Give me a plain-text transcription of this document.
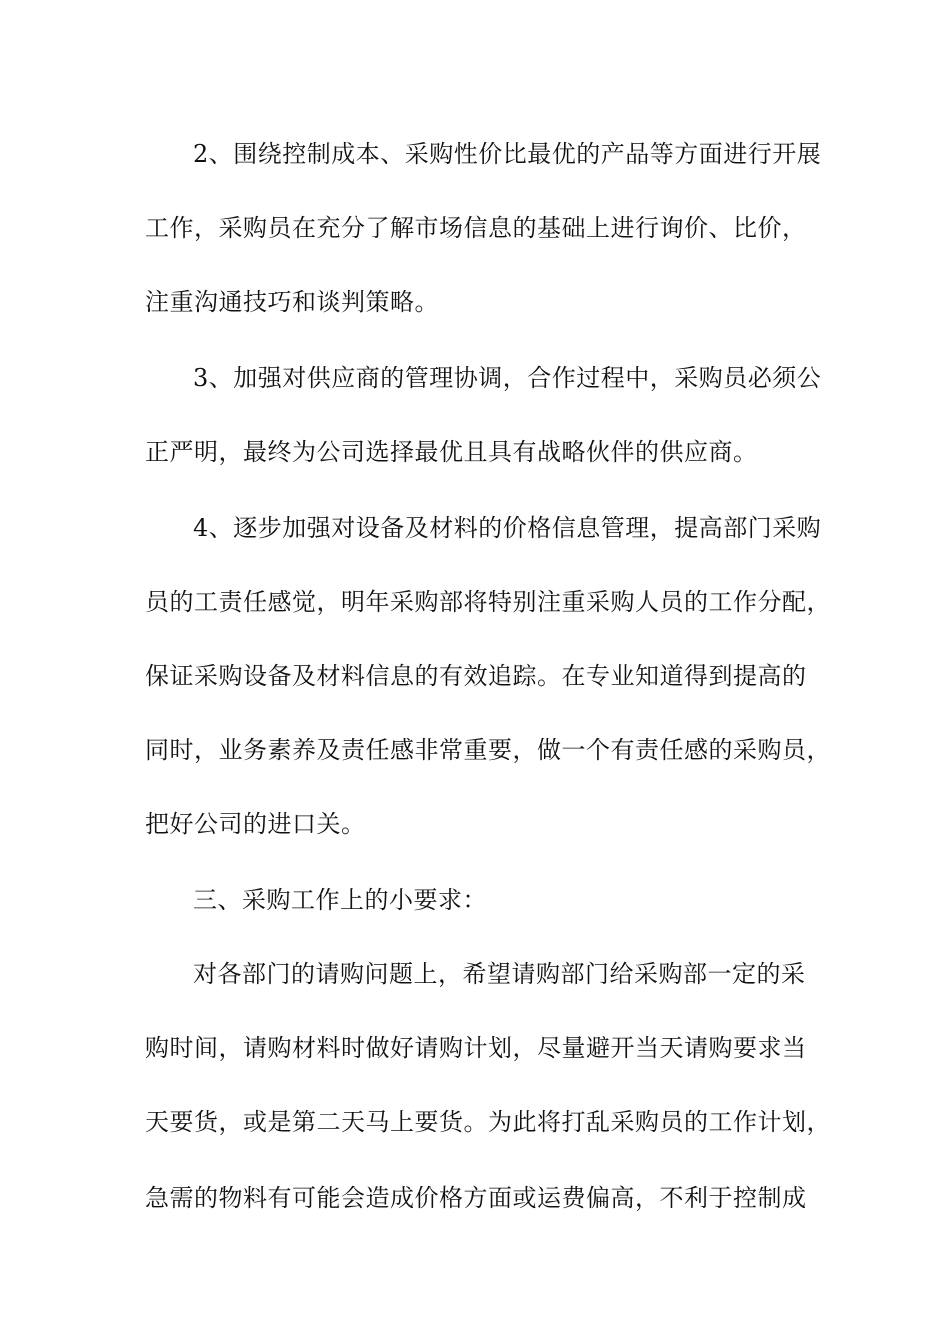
2、围绕控制成本、采购性价比最优的产品等方面进行开展
工作，采购员在充分了解市场信息的基础上进行询价、比价，
注重沟通技巧和谈判策略。
3、加强对供应商的管理协调，合作过程中，采购员必须公
正严明，最终为公司选择最优且具有战略伙伴的供应商。
4、逐步加强对设备及材料的价格信息管理，提高部门采购
员的工责任感觉，明年采购部将特别注重采购人员的工作分配，
保证采购设备及材料信息的有效追踪。在专业知道得到提高的
同时，业务素养及责任感非常重要，做一个有责任感的采购员，
把好公司的进口关。
三、采购工作上的小要求：
对各部门的请购问题上，希望请购部门给采购部一定的采
购时间，请购材料时做好请购计划，尽量避开当天请购要求当
天要货，或是第二天马上要货。为此将打乱采购员的工作计划，
急需的物料有可能会造成价格方面或运费偏高，不利于控制成
